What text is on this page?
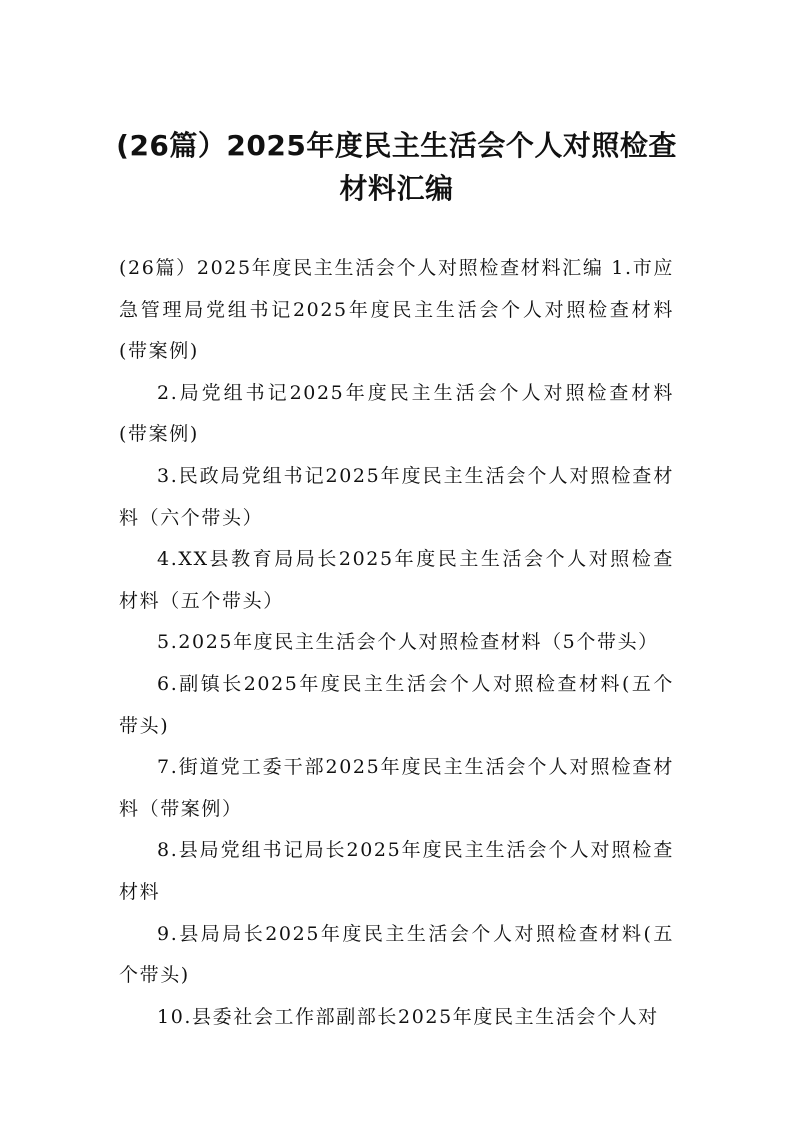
(26篇）2025年度民主生活会个人对照检查
材料汇编

(26篇）2025年度民主生活会个人对照检查材料汇编 1.市应急管理局党组书记2025年度民主生活会个人对照检查材料(带案例)

2.局党组书记2025年度民主生活会个人对照检查材料(带案例)

3.民政局党组书记2025年度民主生活会个人对照检查材料（六个带头）

4.XX县教育局局长2025年度民主生活会个人对照检查材料（五个带头）

5.2025年度民主生活会个人对照检查材料（5个带头）

6.副镇长2025年度民主生活会个人对照检查材料(五个带头)

7.街道党工委干部2025年度民主生活会个人对照检查材料（带案例）

8.县局党组书记局长2025年度民主生活会个人对照检查材料

9.县局局长2025年度民主生活会个人对照检查材料(五个带头)

10.县委社会工作部副部长2025年度民主生活会个人对
